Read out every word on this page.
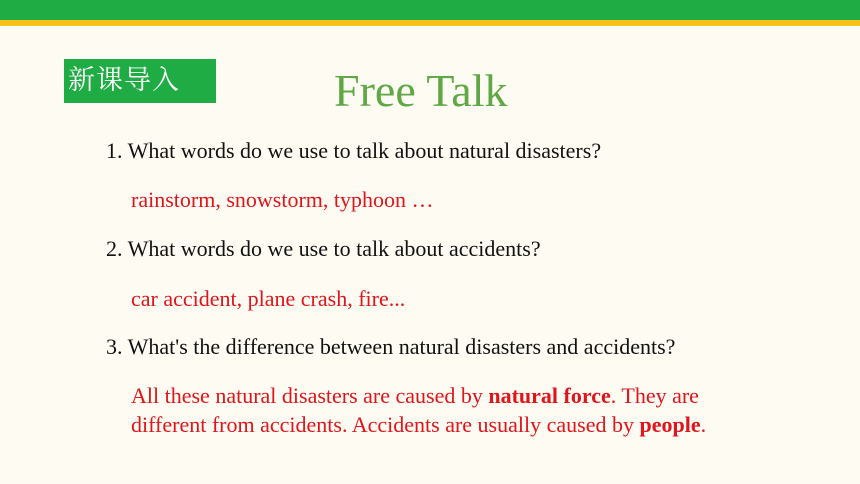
新课导入	Free Talk
1. What words do we use to talk about natural disasters?
rainstorm, snowstorm, typhoon …
2. What words do we use to talk about accidents?
car accident, plane crash, fire...
3. What's the difference between natural disasters and accidents?
All these natural disasters are caused by natural force. They are
different from accidents. Accidents are usually caused by people.
